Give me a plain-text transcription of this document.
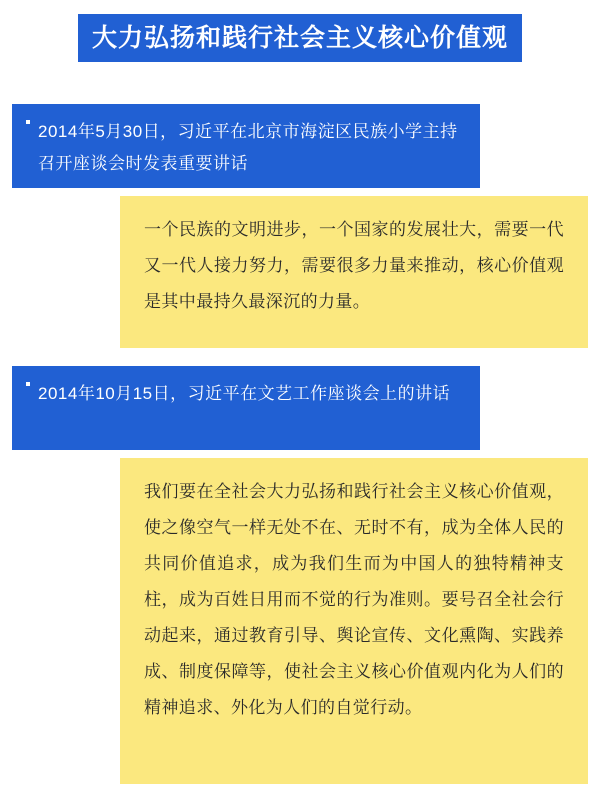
大力弘扬和践行社会主义核心价值观
2014年5月30日，习近平在北京市海淀区民族小学主持召开座谈会时发表重要讲话
一个民族的文明进步，一个国家的发展壮大，需要一代又一代人接力努力，需要很多力量来推动，核心价值观是其中最持久最深沉的力量。
2014年10月15日，习近平在文艺工作座谈会上的讲话
我们要在全社会大力弘扬和践行社会主义核心价值观，使之像空气一样无处不在、无时不有，成为全体人民的共同价值追求，成为我们生而为中国人的独特精神支柱，成为百姓日用而不觉的行为准则。要号召全社会行动起来，通过教育引导、舆论宣传、文化熏陶、实践养成、制度保障等，使社会主义核心价值观内化为人们的精神追求、外化为人们的自觉行动。
